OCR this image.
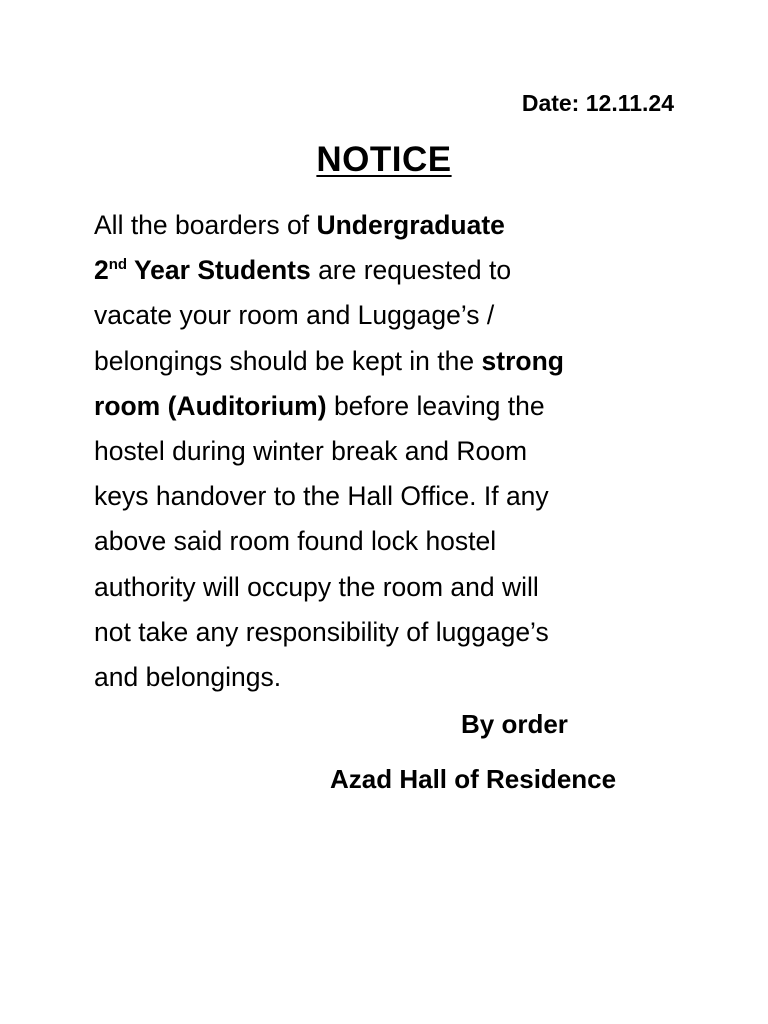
Date: 12.11.24
NOTICE
All the boarders of Undergraduate
2nd Year Students are requested to
vacate your room and Luggage’s /
belongings should be kept in the strong
room (Auditorium) before leaving the
hostel during winter break and Room
keys handover to the Hall Office. If any
above said room found lock hostel
authority will occupy the room and will
not take any responsibility of luggage’s
and belongings.
By order
Azad Hall of Residence
